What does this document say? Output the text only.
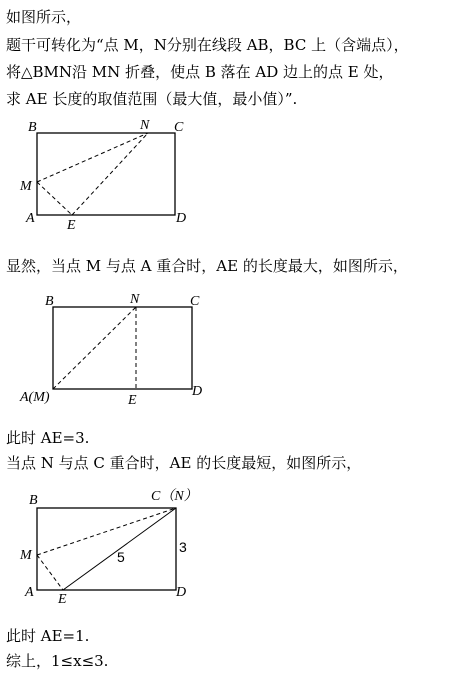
如图所示，
题干可转化为“点 M，N分别在线段 AB，BC 上（含端点），
将△BMN沿 MN 折叠，使点 B 落在 AD 边上的点 E 处，
求 AE 长度的取值范围（最大值，最小值）”.
B	N C
M
A E	D
显然，当点 M 与点 A 重合时，AE 的长度最大，如图所示，
B	N	C
A(M)	E
D
此时 AE=3.
当点 N 与点 C 重合时，AE 的长度最短，如图所示，
B	C（N）
M	5
3
A E	D
此时 AE=1.
综上，1≤x≤3.
